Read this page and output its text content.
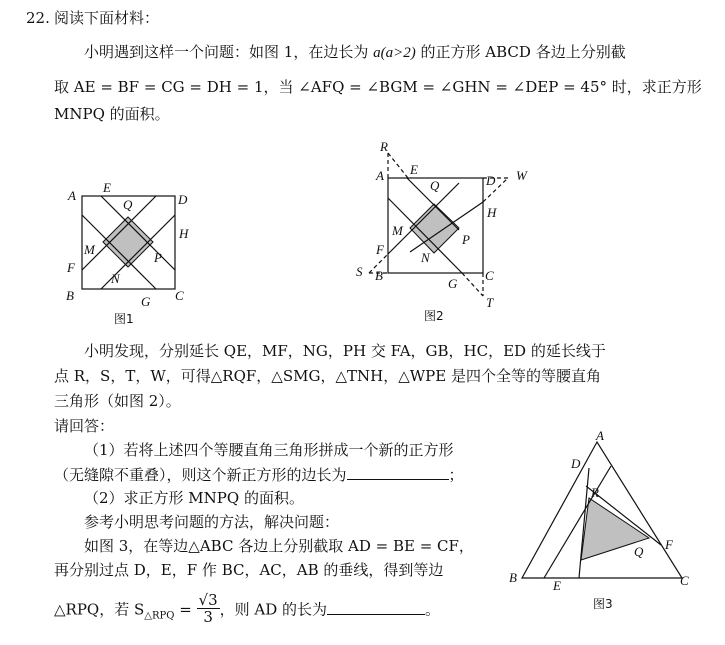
22. 阅读下面材料：
小明遇到这样一个问题：如图 1，在边长为 a(a>2) 的正方形 ABCD 各边上分别截
取 AE = BF = CG = DH = 1，当 ∠AFQ = ∠BGM = ∠GHN = ∠DEP = 45° 时，求正方形
MNPQ 的面积。
小明发现，分别延长 QE，MF，NG，PH 交 FA，GB，HC，ED 的延长线于
点 R，S，T，W，可得△RQF，△SMG，△TNH，△WPE 是四个全等的等腰直角
三角形（如图 2）。
请回答：
（1）若将上述四个等腰直角三角形拼成一个新的正方形
（无缝隙不重叠），则这个新正方形的边长为	；
（2）求正方形 MNPQ 的面积。
参考小明思考问题的方法，解决问题：
如图 3，在等边△ABC 各边上分别截取 AD = BE = CF，
再分别过点 D，E，F 作 BC，AC，AB 的垂线，得到等边
△RPQ，若 $S_{\triangle RPQ} = \frac{√3}{3}$ ，则 AD 的长为	。
A
B	C
D
E
F
G
H
M
N
P
Q
图1
R
A E
D W
Q
H
M
P
F
N
S B	C
G
T
图2
A
D
R
Q F
B
E	C
图3
